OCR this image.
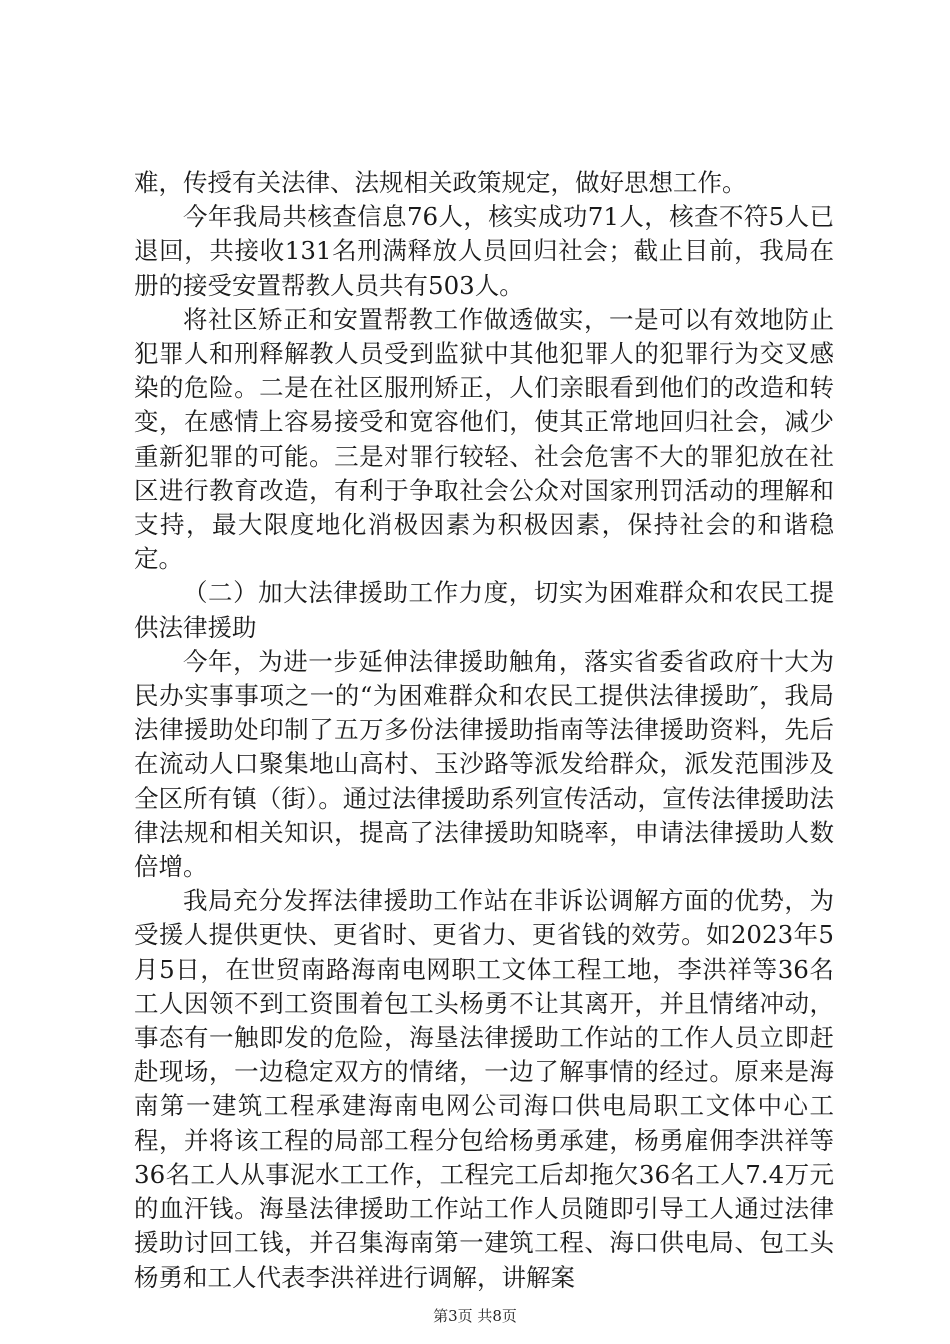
难，传授有关法律、法规相关政策规定，做好思想工作。

今年我局共核查信息76人，核实成功71人，核查不符5人已退回，共接收131名刑满释放人员回归社会；截止目前，我局在册的接受安置帮教人员共有503人。

将社区矫正和安置帮教工作做透做实，一是可以有效地防止犯罪人和刑释解教人员受到监狱中其他犯罪人的犯罪行为交叉感染的危险。二是在社区服刑矫正，人们亲眼看到他们的改造和转变，在感情上容易接受和宽容他们，使其正常地回归社会，减少重新犯罪的可能。三是对罪行较轻、社会危害不大的罪犯放在社区进行教育改造，有利于争取社会公众对国家刑罚活动的理解和支持，最大限度地化消极因素为积极因素，保持社会的和谐稳定。

（二）加大法律援助工作力度，切实为困难群众和农民工提供法律援助

今年，为进一步延伸法律援助触角，落实省委省政府十大为民办实事事项之一的“为困难群众和农民工提供法律援助″，我局法律援助处印制了五万多份法律援助指南等法律援助资料，先后在流动人口聚集地山高村、玉沙路等派发给群众，派发范围涉及全区所有镇（街）。通过法律援助系列宣传活动，宣传法律援助法律法规和相关知识，提高了法律援助知晓率，申请法律援助人数倍增。

我局充分发挥法律援助工作站在非诉讼调解方面的优势，为受援人提供更快、更省时、更省力、更省钱的效劳。如2023年5月5日，在世贸南路海南电网职工文体工程工地，李洪祥等36名工人因领不到工资围着包工头杨勇不让其离开，并且情绪冲动，事态有一触即发的危险，海垦法律援助工作站的工作人员立即赶赴现场，一边稳定双方的情绪，一边了解事情的经过。原来是海南第一建筑工程承建海南电网公司海口供电局职工文体中心工程，并将该工程的局部工程分包给杨勇承建，杨勇雇佣李洪祥等36名工人从事泥水工工作，工程完工后却拖欠36名工人7.4万元的血汗钱。海垦法律援助工作站工作人员随即引导工人通过法律援助讨回工钱，并召集海南第一建筑工程、海口供电局、包工头杨勇和工人代表李洪祥进行调解，讲解案

第3页 共8页
